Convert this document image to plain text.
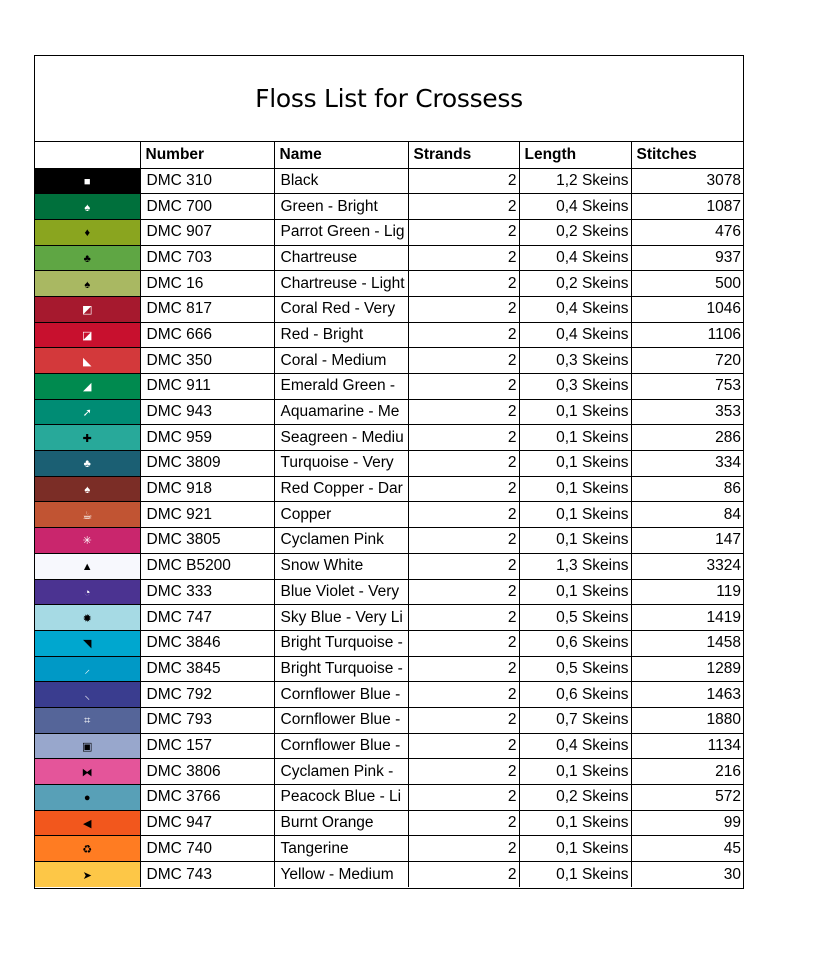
Floss List for Crossess
	Number	Name	Strands	Length	Stitches
■	DMC 310	Black	2	1,2 Skeins	3078
♠	DMC 700	Green - Bright	2	0,4 Skeins	1087
♦	DMC 907	Parrot Green - Lig	2	0,2 Skeins	476
♣	DMC 703	Chartreuse	2	0,4 Skeins	937
♠	DMC 16	Chartreuse - Light	2	0,2 Skeins	500
◩	DMC 817	Coral Red - Very	2	0,4 Skeins	1046
◪	DMC 666	Red - Bright	2	0,4 Skeins	1106
◣	DMC 350	Coral - Medium	2	0,3 Skeins	720
◢	DMC 911	Emerald Green -	2	0,3 Skeins	753
➚	DMC 943	Aquamarine - Me	2	0,1 Skeins	353
✚	DMC 959	Seagreen - Mediu	2	0,1 Skeins	286
♣	DMC 3809	Turquoise - Very	2	0,1 Skeins	334
♠	DMC 918	Red Copper - Dar	2	0,1 Skeins	86
☕	DMC 921	Copper	2	0,1 Skeins	84
✳	DMC 3805	Cyclamen Pink	2	0,1 Skeins	147
▲	DMC B5200	Snow White	2	1,3 Skeins	3324
◔	DMC 333	Blue Violet - Very	2	0,1 Skeins	119
✹	DMC 747	Sky Blue - Very Li	2	0,5 Skeins	1419
◥	DMC 3846	Bright Turquoise -	2	0,6 Skeins	1458
⸝	DMC 3845	Bright Turquoise -	2	0,5 Skeins	1289
⸜	DMC 792	Cornflower Blue -	2	0,6 Skeins	1463
⌗	DMC 793	Cornflower Blue -	2	0,7 Skeins	1880
▣	DMC 157	Cornflower Blue -	2	0,4 Skeins	1134
⧓	DMC 3806	Cyclamen Pink -	2	0,1 Skeins	216
●	DMC 3766	Peacock Blue - Li	2	0,2 Skeins	572
◀	DMC 947	Burnt Orange	2	0,1 Skeins	99
♻	DMC 740	Tangerine	2	0,1 Skeins	45
➤	DMC 743	Yellow - Medium	2	0,1 Skeins	30
